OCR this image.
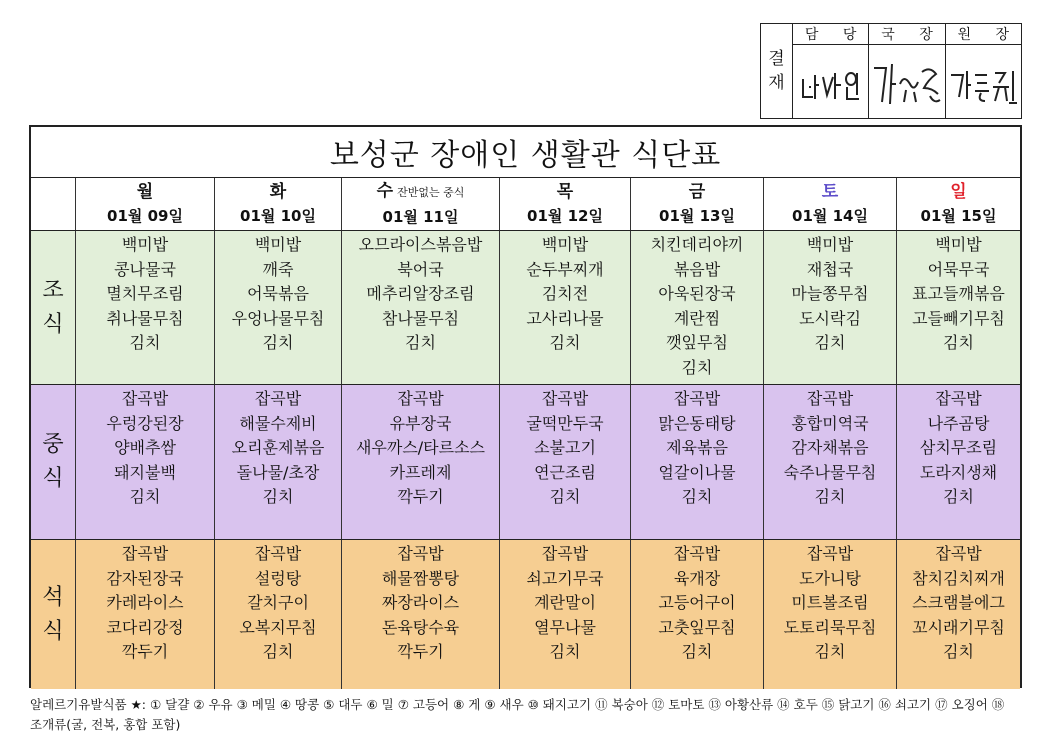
결
재
담 당	국 장	원 장
보성군 장애인 생활관 식단표
월
01월 09일
화
01월 10일
수잔반없는 중식
01월 11일
목
01월 12일
금
01월 13일
토
01월 14일
일
01월 15일
조
식
백미밥
콩나물국
멸치무조림
취나물무침
김치
백미밥
깨죽
어묵볶음
우엉나물무침
김치
오므라이스볶음밥
북어국
메추리알장조림
참나물무침
김치
백미밥
순두부찌개
김치전
고사리나물
김치
치킨데리야끼
볶음밥
아욱된장국
계란찜
깻잎무침
김치
백미밥
재첩국
마늘쫑무침
도시락김
김치
백미밥
어묵무국
표고들깨볶음
고들빼기무침
김치
중
식
잡곡밥
우렁강된장
양배추쌈
돼지불백
김치
잡곡밥
해물수제비
오리훈제볶음
돌나물/초장
김치
잡곡밥
유부장국
새우까스/타르소스
카프레제
깍두기
잡곡밥
굴떡만두국
소불고기
연근조림
김치
잡곡밥
맑은동태탕
제육볶음
얼갈이나물
김치
잡곡밥
홍합미역국
감자채볶음
숙주나물무침
김치
잡곡밥
나주곰탕
삼치무조림
도라지생채
김치
석
식
잡곡밥
감자된장국
카레라이스
코다리강정
깍두기
잡곡밥
설렁탕
갈치구이
오복지무침
김치
잡곡밥
해물짬뽕탕
짜장라이스
돈육탕수육
깍두기
잡곡밥
쇠고기무국
계란말이
열무나물
김치
잡곡밥
육개장
고등어구이
고춧잎무침
김치
잡곡밥
도가니탕
미트볼조림
도토리묵무침
김치
잡곡밥
참치김치찌개
스크램블에그
꼬시래기무침
김치
알레르기유발식품 ★: ① 달걀 ② 우유 ③ 메밀 ④ 땅콩 ⑤ 대두 ⑥ 밀 ⑦ 고등어 ⑧ 게 ⑨ 새우 ⑩ 돼지고기 ⑪ 복숭아 ⑫ 토마토 ⑬ 아황산류 ⑭ 호두 ⑮ 닭고기 ⑯ 쇠고기 ⑰ 오징어 ⑱ 조개류(굴, 전복, 홍합 포함)
